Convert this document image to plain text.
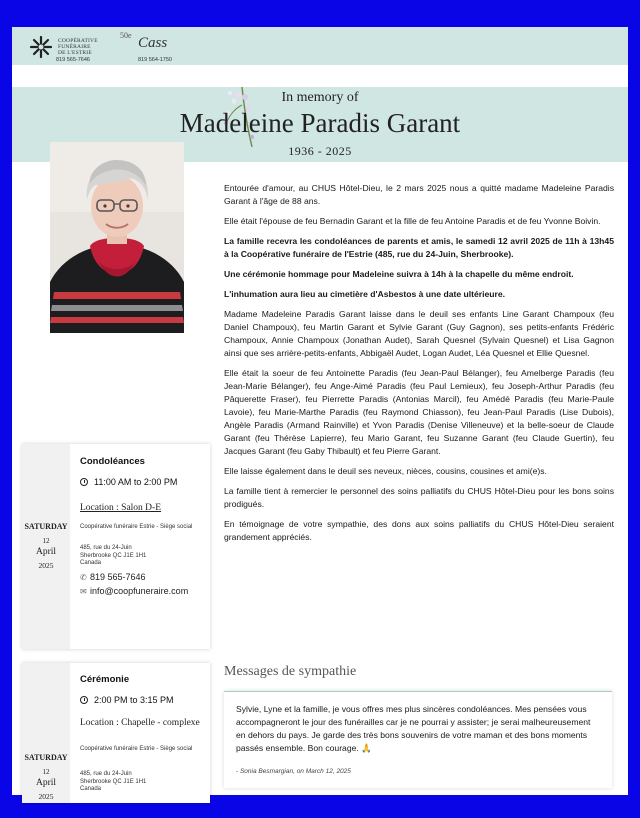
COOPÉRATIVE
FUNÉRAIRE
DE L'ESTRIE
50e
819 565-7646
Cass
819 564-1750
In memory of
Madeleine Paradis Garant
1936 - 2025

Entourée d'amour, au CHUS Hôtel-Dieu, le 2 mars 2025 nous a quitté madame Madeleine Paradis Garant à l'âge de 88 ans.

Elle était l'épouse de feu Bernadin Garant et la fille de feu Antoine Paradis et de feu Yvonne Boivin.

La famille recevra les condoléances de parents et amis, le samedi 12 avril 2025 de 11h à 13h45 à la Coopérative funéraire de l'Estrie (485, rue du 24-Juin, Sherbrooke).

Une cérémonie hommage pour Madeleine suivra à 14h à la chapelle du même endroit.

L'inhumation aura lieu au cimetière d'Asbestos à une date ultérieure.

Madame Madeleine Paradis Garant laisse dans le deuil ses enfants Line Garant Champoux (feu Daniel Champoux), feu Martin Garant et Sylvie Garant (Guy Gagnon), ses petits-enfants Frédéric Champoux, Annie Champoux (Jonathan Audet), Sarah Quesnel (Sylvain Quesnel) et Lisa Gagnon ainsi que ses arrière-petits-enfants, Abbigaël Audet, Logan Audet, Léa Quesnel et Ellie Quesnel.

Elle était la soeur de feu Antoinette Paradis (feu Jean-Paul Bélanger), feu Amelberge Paradis (feu Jean-Marie Bélanger), feu Ange-Aimé Paradis (feu Paul Lemieux), feu Joseph-Arthur Paradis (feu Pâquerette Fraser), feu Pierrette Paradis (Antonias Marcil), feu Amédé Paradis (feu Marie-Paule Lavoie), feu Marie-Marthe Paradis (feu Raymond Chiasson), feu Jean-Paul Paradis (Lise Dubois), Angèle Paradis (Armand Rainville) et Yvon Paradis (Denise Villeneuve) et la belle-soeur de Claude Garant (feu Thérèse Lapierre), feu Mario Garant, feu Suzanne Garant (feu Claude Guertin), feu Jacques Garant (feu Gaby Thibault) et feu Pierre Garant.

Elle laisse également dans le deuil ses neveux, nièces, cousins, cousines et ami(e)s.

La famille tient à remercier le personnel des soins palliatifs du CHUS Hôtel-Dieu pour les bons soins prodigués.

En témoignage de votre sympathie, des dons aux soins palliatifs du CHUS Hôtel-Dieu seraient grandement appréciés.

SATURDAY
12
April
2025
Condoléances
11:00 AM to 2:00 PM
Location : Salon D-E
Coopérative funéraire Estrie - Siège social
485, rue du 24-Juin
Sherbrooke QC J1E 1H1
Canada
✆ 819 565-7646
✉ info@coopfuneraire.com
SATURDAY
12
April
2025
Cérémonie
2:00 PM to 3:15 PM
Location : Chapelle - complexe
Coopérative funéraire Estrie - Siège social
485, rue du 24-Juin
Sherbrooke QC J1E 1H1
Canada
Messages de sympathie
Sylvie, Lyne et la famille, je vous offres mes plus sincères condoléances. Mes pensées vous accompagneront le jour des funérailles car je ne pourrai y assister; je serai malheureusement en dehors du pays. Je garde des très bons souvenirs de votre maman et des bons moments passés ensemble. Bon courage. 🙏
- Sonia Besmargian, on March 12, 2025
